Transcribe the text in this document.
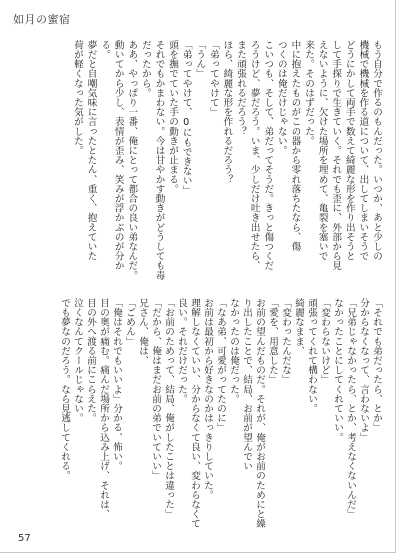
如月の蜜宿
もう自分で作るのもんだった。いつか、あと少しの
機械で機械を作る道について、出してしまいそうで
どうにかして両手で数えて綺麗な形を作り出そうと
して手探りで生きていく。それでも歪に、外部から見
えないように、欠けた場所を埋めて、亀裂を塞いで
来た。そのはずだった。
中に抱えたものがこの器から零れ落ちたなら、傷
つくのは俺だけじゃない。
こいつも、そして、弟だってそうだ。きっと傷つくだ
ろうけど、夢だろう。いま、少しだけ吐き出せたら、
また頑張れるだろう？
ほら、綺麗な形を作れるだろう？
「弟ってやけて」
「うん」
「弟ってやけて、0にもできない」
頭を撫でていた手の動きが止まる。
それでもかまわない。今は甘やかす動きがどうしても毒
だったから。
ああ、やっぱり一番、俺にとって都合の良い弟なんだ。
動いてから少し、表情が歪み、笑みが浮かぶのが分か
る。
夢だと自嘲気味に言ったとたん、重く、抱えていた
荷が軽くなった気がした。
「それでも弟だったら、とか」
分からなくなって、言わないよ」
「兄弟じゃなかったら、とか、考えなくないんだ」
なかったことにしてくれていい。
「変わらないけど」
頑張ってくれて構わない。
綺麗なまま、
「変わったんだな」
「愛を、用意した」
お前の望んだものだ。それが、俺がお前のためにと繰
り出したことで、結局、お前が望んでい
なかったのは俺だった。
「なあ弟、可愛がってたのに」
お前は最初から好きなのかはっきりしていた。
理解しなくていい、分からなくて良い、変わらなくて
良い。それだけだった。
「お前のためって、結局、俺がしたことは違った」
「だから、俺はまだお前の弟でいていい」
兄さん、俺は、
「ごめん」
「俺はそれでもいいよ」分かる、怖い。
目の奥が痛む。痛んだ場所から込み上げ、それは、
目の外へ渡る前にこらえた。
泣くなんてクールじゃない。
でも夢なのだろう。なら見逃してくれる。
57
